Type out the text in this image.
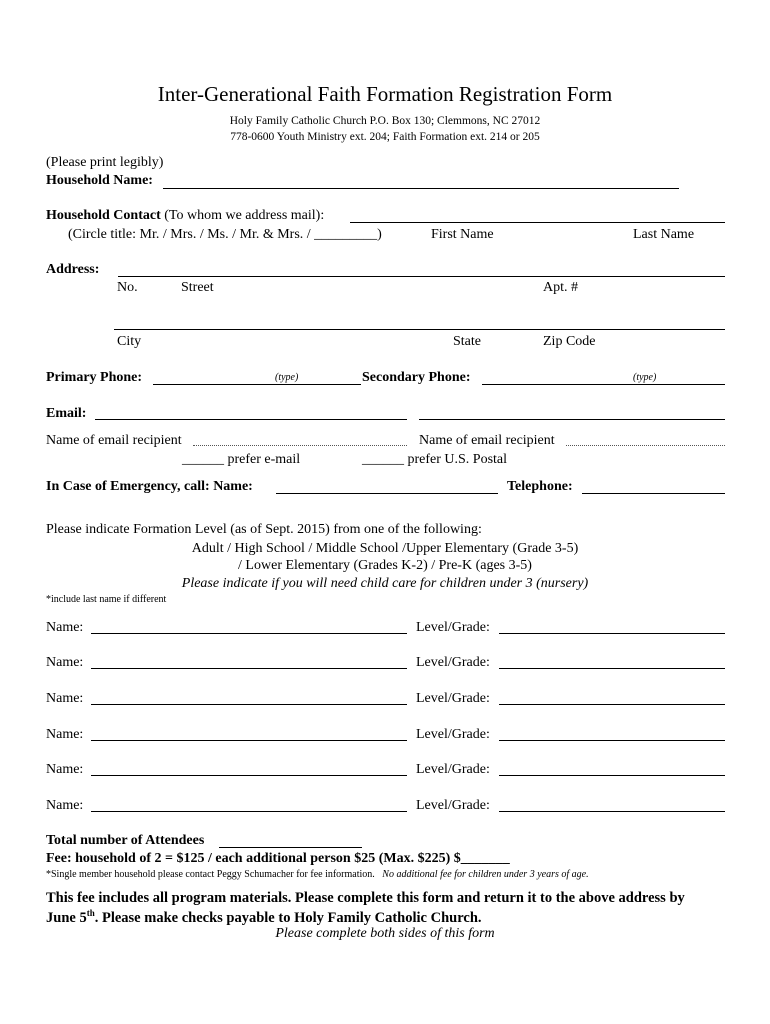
Inter-Generational Faith Formation Registration Form
Holy Family Catholic Church P.O. Box 130; Clemmons, NC 27012
778-0600 Youth Ministry ext. 204; Faith Formation ext. 214 or 205
(Please print legibly)
Household Name:
Household Contact (To whom we address mail):
(Circle title: Mr. / Mrs. / Ms. / Mr. & Mrs. / _________)	First Name	Last Name
Address:
No.	Street	Apt. #
City	State	Zip Code
Primary Phone:	(type)	Secondary Phone:	(type)
Email:
Name of email recipient	Name of email recipient
______ prefer e-mail	______ prefer U.S. Postal
In Case of Emergency, call: Name:	Telephone:
Please indicate Formation Level (as of Sept. 2015) from one of the following:
Adult / High School / Middle School /Upper Elementary (Grade 3-5)
/ Lower Elementary (Grades K-2) / Pre-K (ages 3-5)
Please indicate if you will need child care for children under 3 (nursery)
*include last name if different
Name:	Level/Grade:
Name:	Level/Grade:
Name:	Level/Grade:
Name:	Level/Grade:
Name:	Level/Grade:
Name:	Level/Grade:
Total number of Attendees
Fee: household of 2 = $125 / each additional person $25 (Max. $225) $_______
*Single member household please contact Peggy Schumacher for fee information. No additional fee for children under 3 years of age.
This fee includes all program materials. Please complete this form and return it to the above address by
June 5th. Please make checks payable to Holy Family Catholic Church.
Please complete both sides of this form
